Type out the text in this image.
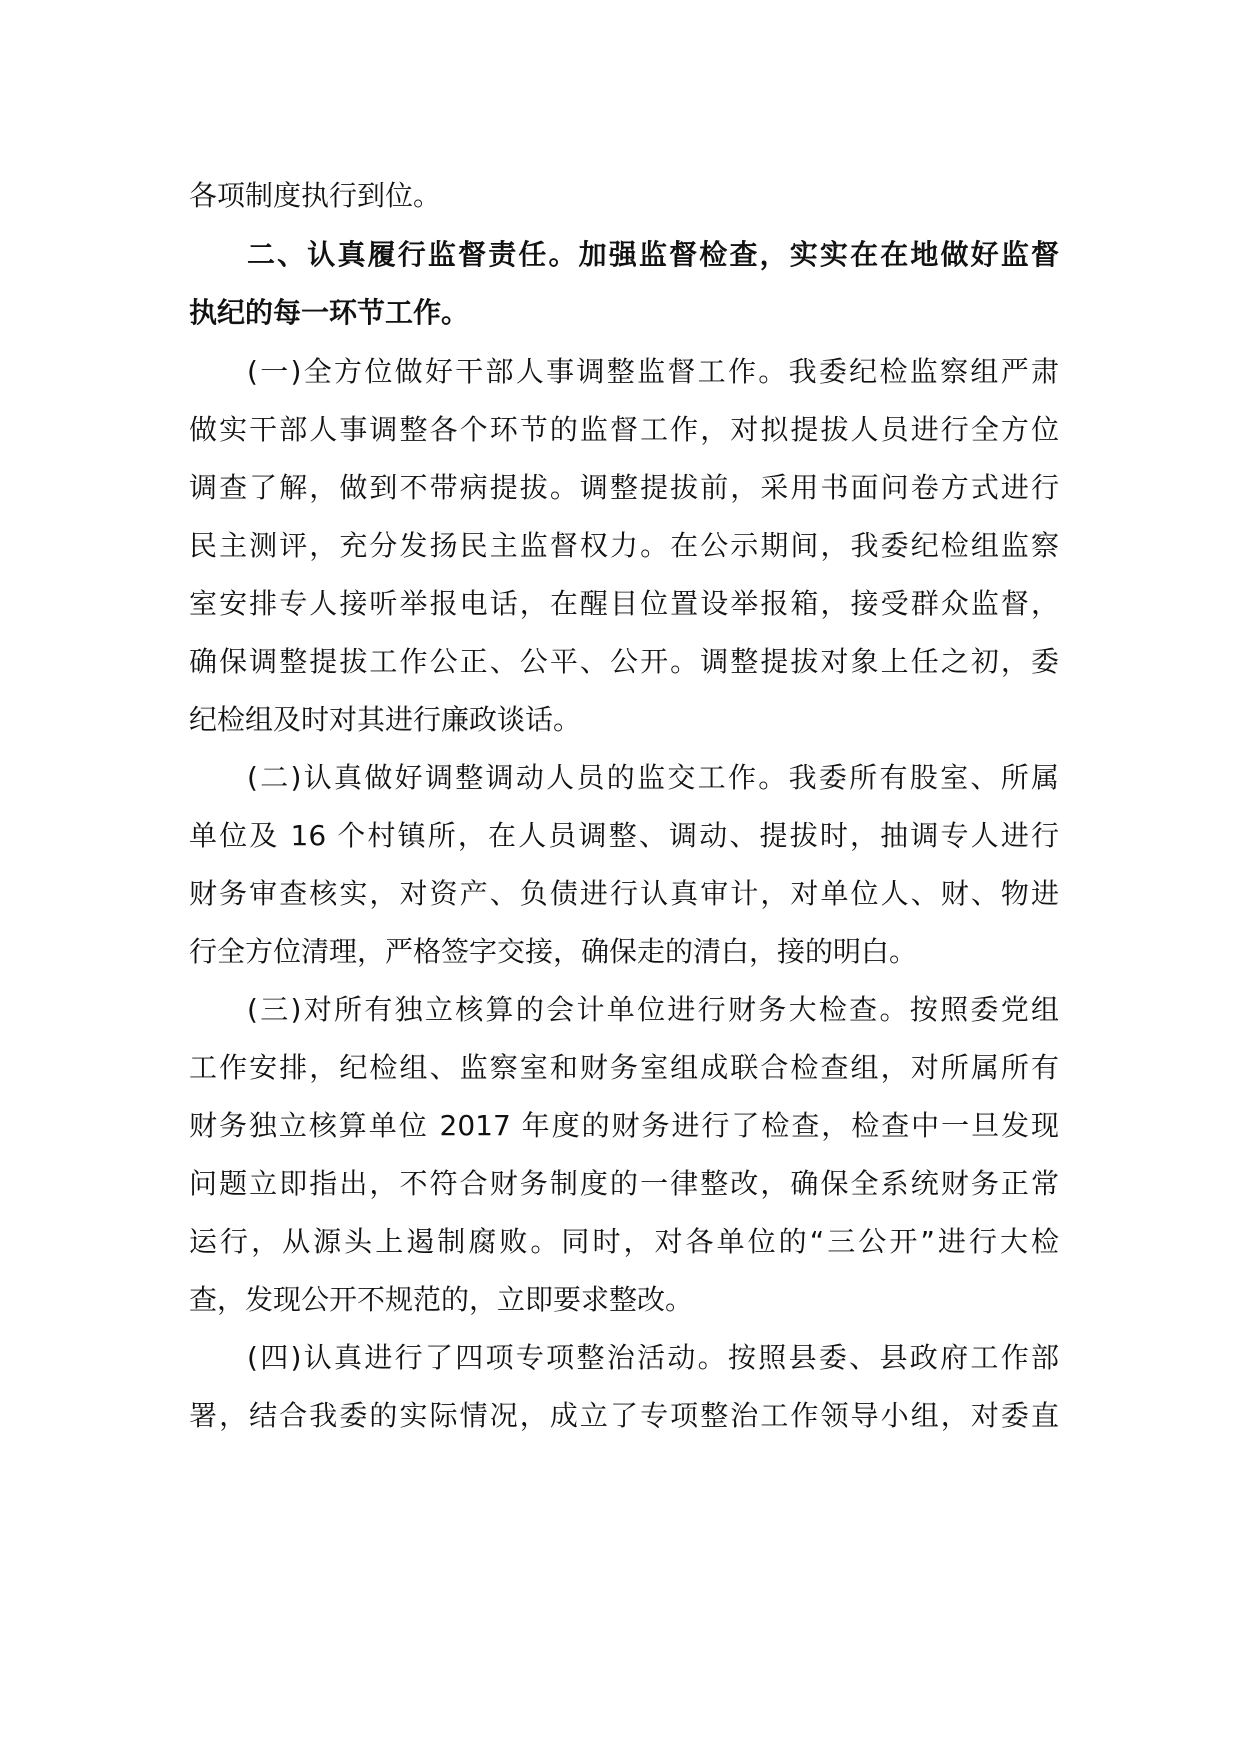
各项制度执行到位。
二、认真履行监督责任。加强监督检查，实实在在地做好监督
执纪的每一环节工作。
(一)全方位做好干部人事调整监督工作。我委纪检监察组严肃
做实干部人事调整各个环节的监督工作，对拟提拔人员进行全方位
调查了解，做到不带病提拔。调整提拔前，采用书面问卷方式进行
民主测评，充分发扬民主监督权力。在公示期间，我委纪检组监察
室安排专人接听举报电话，在醒目位置设举报箱，接受群众监督，
确保调整提拔工作公正、公平、公开。调整提拔对象上任之初，委
纪检组及时对其进行廉政谈话。
(二)认真做好调整调动人员的监交工作。我委所有股室、所属
单位及 16 个村镇所，在人员调整、调动、提拔时，抽调专人进行
财务审查核实，对资产、负债进行认真审计，对单位人、财、物进
行全方位清理，严格签字交接，确保走的清白，接的明白。
(三)对所有独立核算的会计单位进行财务大检查。按照委党组
工作安排，纪检组、监察室和财务室组成联合检查组，对所属所有
财务独立核算单位 2017 年度的财务进行了检查，检查中一旦发现
问题立即指出，不符合财务制度的一律整改，确保全系统财务正常
运行，从源头上遏制腐败。同时，对各单位的“三公开”进行大检
查，发现公开不规范的，立即要求整改。
(四)认真进行了四项专项整治活动。按照县委、县政府工作部
署，结合我委的实际情况，成立了专项整治工作领导小组，对委直
